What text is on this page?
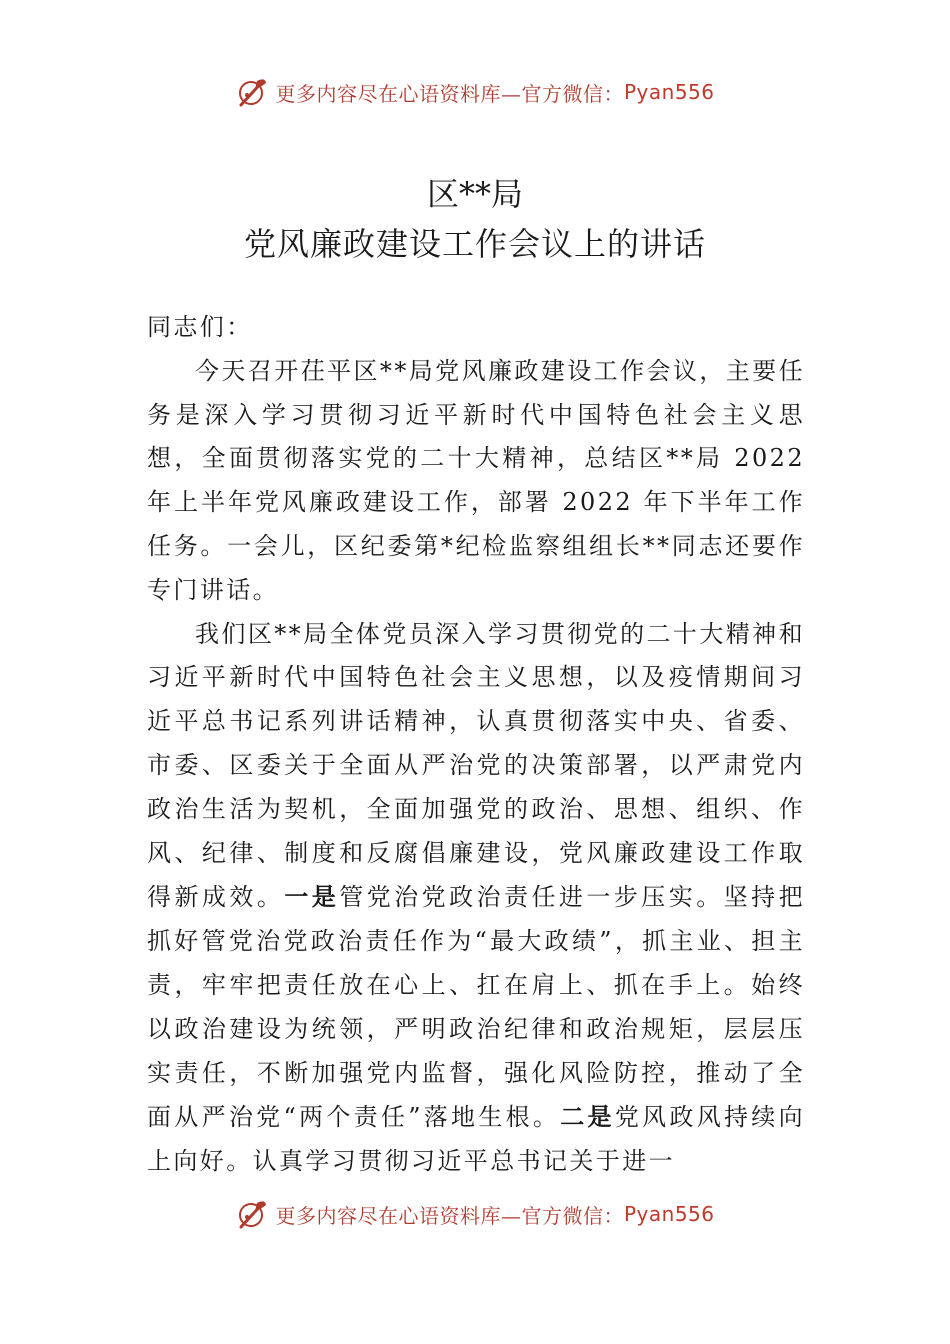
更多内容尽在心语资料库—官方微信： Pyan556
区**局
党风廉政建设工作会议上的讲话

同志们：

今天召开茌平区**局党风廉政建设工作会议，主要任务是深入学习贯彻习近平新时代中国特色社会主义思想，全面贯彻落实党的二十大精神，总结区**局 2022 年上半年党风廉政建设工作，部署 2022 年下半年工作任务。一会儿，区纪委第*纪检监察组组长**同志还要作专门讲话。

我们区**局全体党员深入学习贯彻党的二十大精神和习近平新时代中国特色社会主义思想，以及疫情期间习近平总书记系列讲话精神，认真贯彻落实中央、省委、市委、区委关于全面从严治党的决策部署，以严肃党内政治生活为契机，全面加强党的政治、思想、组织、作风、纪律、制度和反腐倡廉建设，党风廉政建设工作取得新成效。一是管党治党政治责任进一步压实。坚持把抓好管党治党政治责任作为“最大政绩”，抓主业、担主责，牢牢把责任放在心上、扛在肩上、抓在手上。始终以政治建设为统领，严明政治纪律和政治规矩，层层压实责任，不断加强党内监督，强化风险防控，推动了全面从严治党“两个责任”落地生根。二是党风政风持续向上向好。认真学习贯彻习近平总书记关于进一

更多内容尽在心语资料库—官方微信： Pyan556
